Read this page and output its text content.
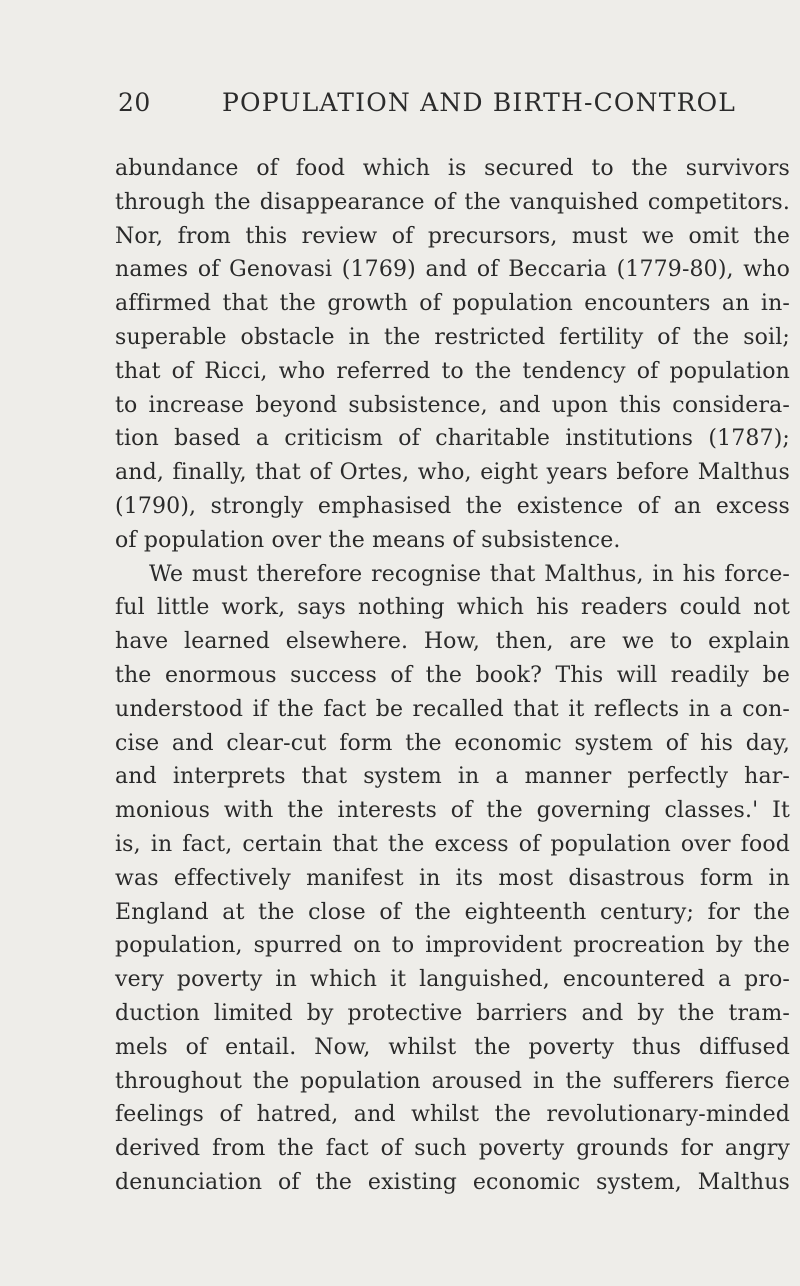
20	POPULATION AND BIRTH-CONTROL
abundance of food which is secured to the survivors
through the disappearance of the vanquished competitors.
Nor, from this review of precursors, must we omit the
names of Genovasi (1769) and of Beccaria (1779-80), who
affirmed that the growth of population encounters an in-
superable obstacle in the restricted fertility of the soil;
that of Ricci, who referred to the tendency of population
to increase beyond subsistence, and upon this considera-
tion based a criticism of charitable institutions (1787);
and, finally, that of Ortes, who, eight years before Malthus
(1790), strongly emphasised the existence of an excess
of population over the means of subsistence.
We must therefore recognise that Malthus, in his force-
ful little work, says nothing which his readers could not
have learned elsewhere. How, then, are we to explain
the enormous success of the book? This will readily be
understood if the fact be recalled that it reflects in a con-
cise and clear-cut form the economic system of his day,
and interprets that system in a manner perfectly har-
monious with the interests of the governing classes.' It
is, in fact, certain that the excess of population over food
was effectively manifest in its most disastrous form in
England at the close of the eighteenth century; for the
population, spurred on to improvident procreation by the
very poverty in which it languished, encountered a pro-
duction limited by protective barriers and by the tram-
mels of entail. Now, whilst the poverty thus diffused
throughout the population aroused in the sufferers fierce
feelings of hatred, and whilst the revolutionary-minded
derived from the fact of such poverty grounds for angry
denunciation of the existing economic system, Malthus
